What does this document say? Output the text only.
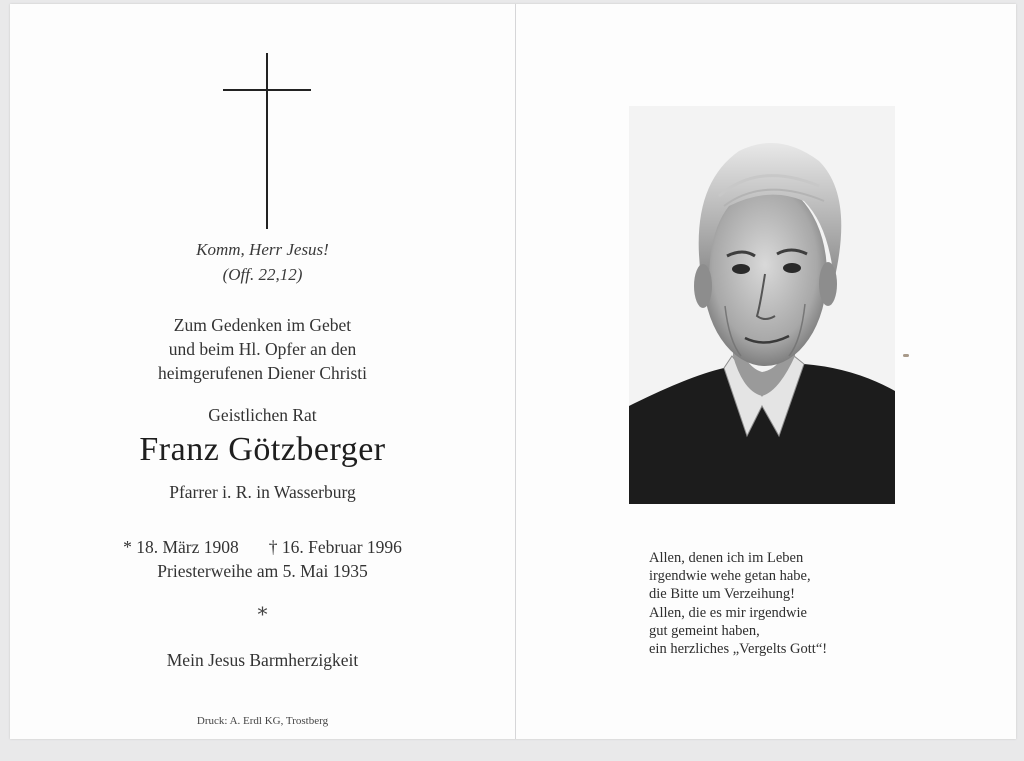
Komm, Herr Jesus!
(Off. 22,12)
Zum Gedenken im Gebet
und beim Hl. Opfer an den
heimgerufenen Diener Christi
Geistlichen Rat
Franz Götzberger
Pfarrer i. R. in Wasserburg
* 18. März 1908 † 16. Februar 1996
Priesterweihe am 5. Mai 1935
*
Mein Jesus Barmherzigkeit
Druck: A. Erdl KG, Trostberg
Allen, denen ich im Leben
irgendwie wehe getan habe,
die Bitte um Verzeihung!
Allen, die es mir irgendwie
gut gemeint haben,
ein herzliches „Vergelts Gott“!
